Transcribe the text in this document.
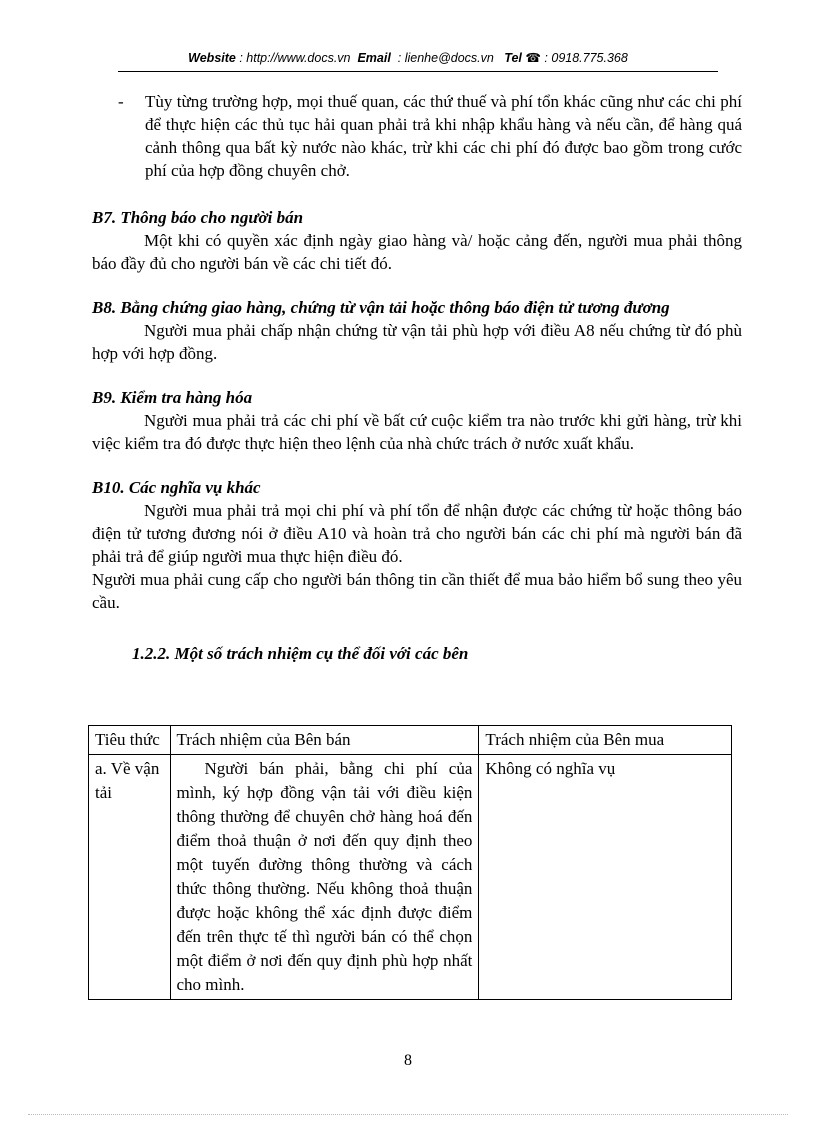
Website : http://www.docs.vn Email : lienhe@docs.vn Tel ☎ : 0918.775.368
- Tùy từng trường hợp, mọi thuế quan, các thứ thuế và phí tổn khác cũng như các chi phí để thực hiện các thủ tục hải quan phải trả khi nhập khẩu hàng và nếu cần, để hàng quá cảnh thông qua bất kỳ nước nào khác, trừ khi các chi phí đó được bao gồm trong cước phí của hợp đồng chuyên chở.
B7. Thông báo cho người bán

Một khi có quyền xác định ngày giao hàng và/ hoặc cảng đến, người mua phải thông báo đầy đủ cho người bán về các chi tiết đó.

B8. Bằng chứng giao hàng, chứng từ vận tải hoặc thông báo điện tử tương đương

Người mua phải chấp nhận chứng từ vận tải phù hợp với điều A8 nếu chứng từ đó phù hợp với hợp đồng.

B9. Kiểm tra hàng hóa

Người mua phải trả các chi phí về bất cứ cuộc kiểm tra nào trước khi gửi hàng, trừ khi việc kiểm tra đó được thực hiện theo lệnh của nhà chức trách ở nước xuất khẩu.

B10. Các nghĩa vụ khác

Người mua phải trả mọi chi phí và phí tổn để nhận được các chứng từ hoặc thông báo điện tử tương đương nói ở điều A10 và hoàn trả cho người bán các chi phí mà người bán đã phải trả để giúp người mua thực hiện điều đó.

Người mua phải cung cấp cho người bán thông tin cần thiết để mua bảo hiểm bổ sung theo yêu cầu.

1.2.2. Một số trách nhiệm cụ thể đối với các bên
Tiêu thức	Trách nhiệm của Bên bán	Trách nhiệm của Bên mua
a. Về vận tải	Người bán phải, bằng chi phí của mình, ký hợp đồng vận tải với điều kiện thông thường để chuyên chở hàng hoá đến điểm thoả thuận ở nơi đến quy định theo một tuyến đường thông thường và cách thức thông thường. Nếu không thoả thuận được hoặc không thể xác định được điểm đến trên thực tế thì người bán có thể chọn một điểm ở nơi đến quy định phù hợp nhất cho mình.	Không có nghĩa vụ
8
